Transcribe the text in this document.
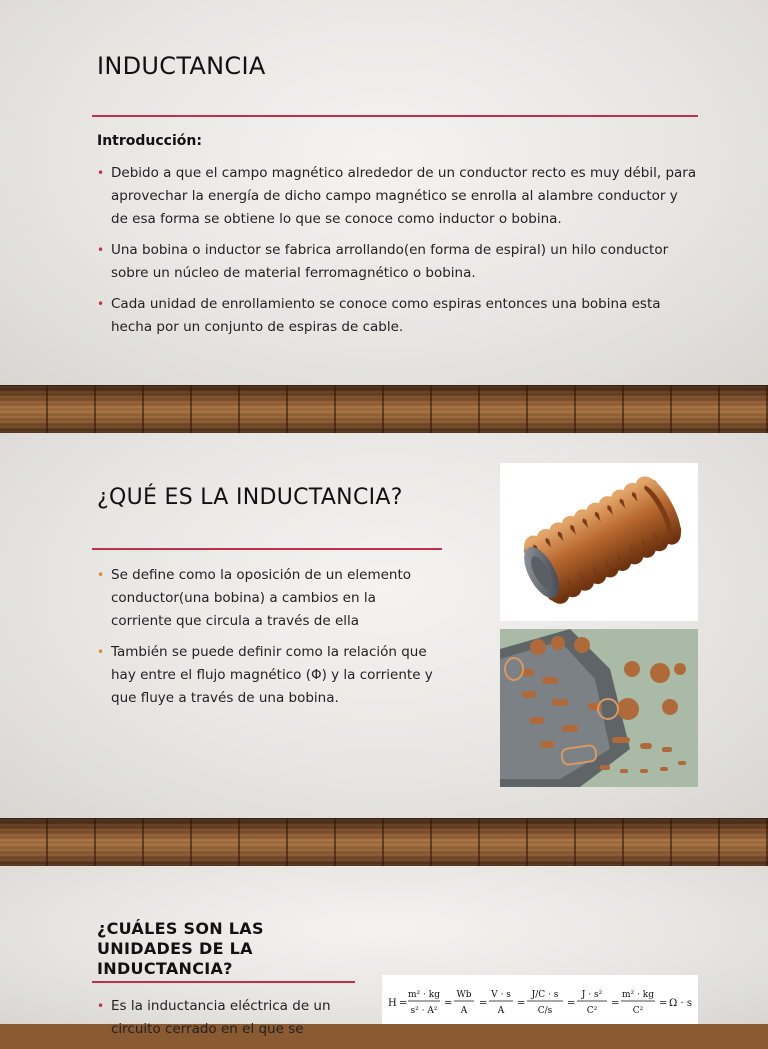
INDUCTANCIA
Introducción:
• Debido a que el campo magnético alrededor de un conductor recto es muy débil, para aprovechar la energía de dicho campo magnético se enrolla al alambre conductor y de esa forma se obtiene lo que se conoce como inductor o bobina.
• Una bobina o inductor se fabrica arrollando(en forma de espiral) un hilo conductor sobre un núcleo de material ferromagnético o bobina.
• Cada unidad de enrollamiento se conoce como espiras entonces una bobina esta hecha por un conjunto de espiras de cable.
¿QUÉ ES LA INDUCTANCIA?
• Se define como la oposición de un elemento conductor(una bobina) a cambios en la corriente que circula a través de ella
• También se puede definir como la relación que hay entre el flujo magnético (Φ) y la corriente y que fluye a través de una bobina.
¿CUÁLES SON LAS UNIDADES DE LA INDUCTANCIA?
• Es la inductancia eléctrica de un circuito cerrado en el que se
H =
m² · kg
s² · A²
=
Wb
A
=
V · s
A
=
J/C · s
C/s
=
J · s²
C²
=
m² · kg
C²
= Ω · s
